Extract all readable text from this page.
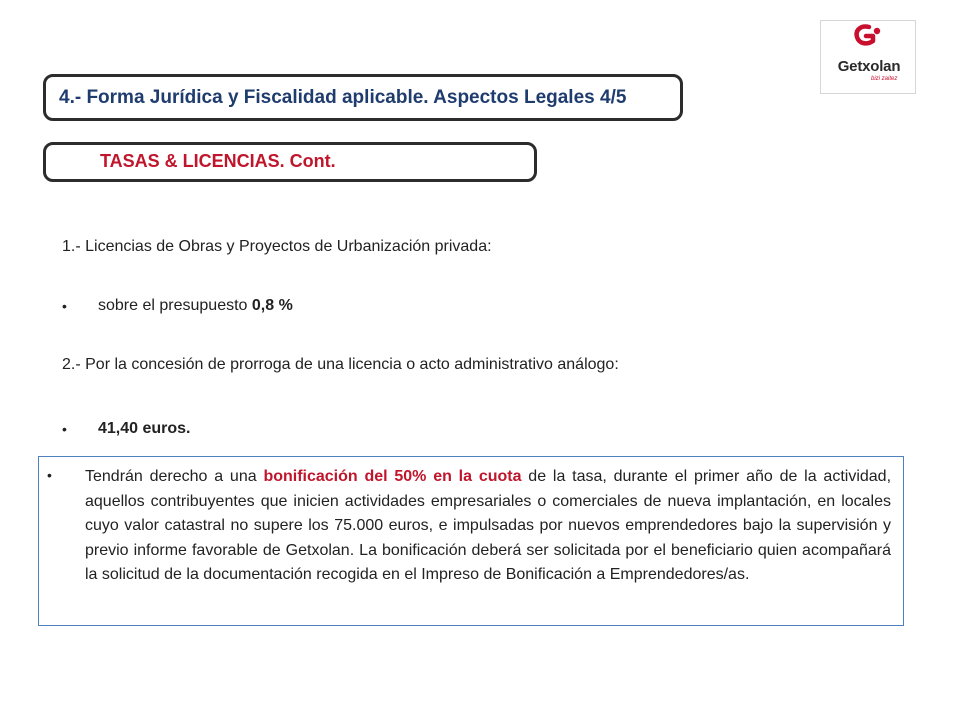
Getxolan
bizi zaitez
4.- Forma Jurídica y Fiscalidad aplicable. Aspectos Legales 4/5
TASAS & LICENCIAS. Cont.
1.- Licencias de Obras y Proyectos de Urbanización privada:
• sobre el presupuesto 0,8 %
2.- Por la concesión de prorroga de una licencia o acto administrativo análogo:
• 41,40 euros.
• Tendrán derecho a una bonificación del 50% en la cuota de la tasa, durante el primer año de la actividad, aquellos contribuyentes que inicien actividades empresariales o comerciales de nueva implantación, en locales cuyo valor catastral no supere los 75.000 euros, e impulsadas por nuevos emprendedores bajo la supervisión y previo informe favorable de Getxolan. La bonificación deberá ser solicitada por el beneficiario quien acompañará la solicitud de la documentación recogida en el Impreso de Bonificación a Emprendedores/as.
